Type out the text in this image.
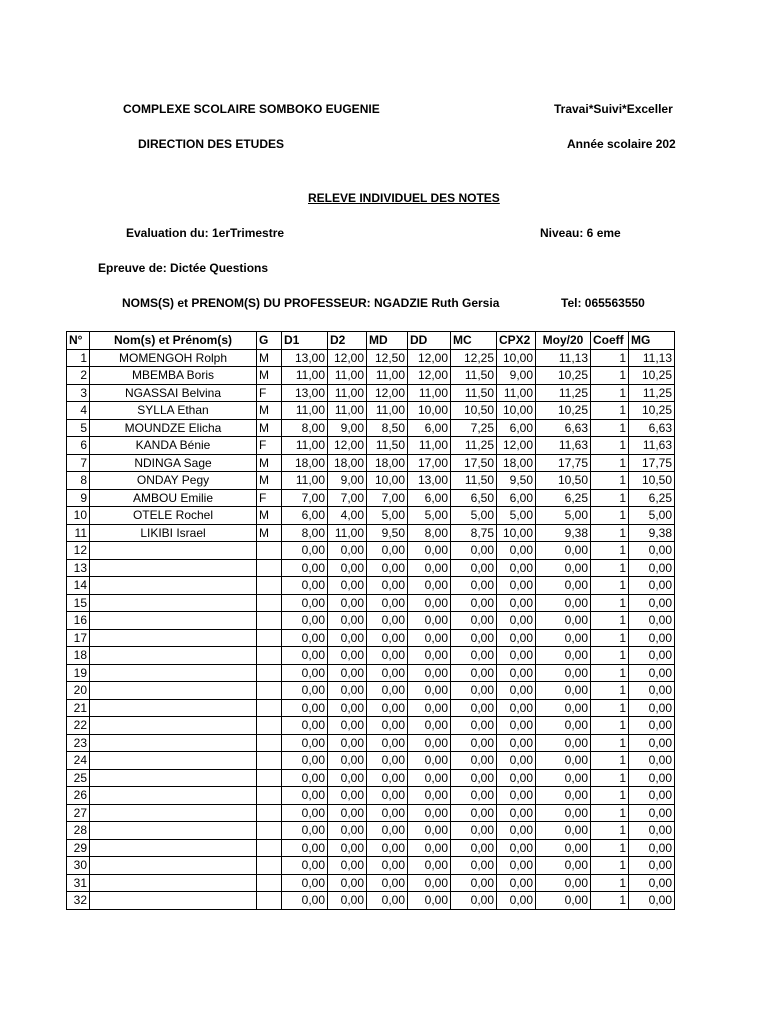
COMPLEXE SCOLAIRE SOMBOKO EUGENIE	Travai*Suivi*Exceller
DIRECTION DES ETUDES	Année scolaire 202
RELEVE INDIVIDUEL DES NOTES
Evaluation du: 1erTrimestre	Niveau: 6 eme
Epreuve de: Dictée Questions
NOMS(S) et PRENOM(S) DU PROFESSEUR: NGADZIE Ruth Gersia	Tel: 065563550
N°	Nom(s) et Prénom(s)	G	D1	D2	MD	DD	MC	CPX2	Moy/20	Coeff	MG
1	MOMENGOH Rolph	M	13,00	12,00	12,50	12,00	12,25	10,00	11,13	1	11,13
2	MBEMBA Boris	M	11,00	11,00	11,00	12,00	11,50	9,00	10,25	1	10,25
3	NGASSAI Belvina	F	13,00	11,00	12,00	11,00	11,50	11,00	11,25	1	11,25
4	SYLLA Ethan	M	11,00	11,00	11,00	10,00	10,50	10,00	10,25	1	10,25
5	MOUNDZE Elicha	M	8,00	9,00	8,50	6,00	7,25	6,00	6,63	1	6,63
6	KANDA Bénie	F	11,00	12,00	11,50	11,00	11,25	12,00	11,63	1	11,63
7	NDINGA Sage	M	18,00	18,00	18,00	17,00	17,50	18,00	17,75	1	17,75
8	ONDAY Pegy	M	11,00	9,00	10,00	13,00	11,50	9,50	10,50	1	10,50
9	AMBOU Emilie	F	7,00	7,00	7,00	6,00	6,50	6,00	6,25	1	6,25
10	OTELE Rochel	M	6,00	4,00	5,00	5,00	5,00	5,00	5,00	1	5,00
11	LIKIBI Israel	M	8,00	11,00	9,50	8,00	8,75	10,00	9,38	1	9,38
12			0,00	0,00	0,00	0,00	0,00	0,00	0,00	1	0,00
13			0,00	0,00	0,00	0,00	0,00	0,00	0,00	1	0,00
14			0,00	0,00	0,00	0,00	0,00	0,00	0,00	1	0,00
15			0,00	0,00	0,00	0,00	0,00	0,00	0,00	1	0,00
16			0,00	0,00	0,00	0,00	0,00	0,00	0,00	1	0,00
17			0,00	0,00	0,00	0,00	0,00	0,00	0,00	1	0,00
18			0,00	0,00	0,00	0,00	0,00	0,00	0,00	1	0,00
19			0,00	0,00	0,00	0,00	0,00	0,00	0,00	1	0,00
20			0,00	0,00	0,00	0,00	0,00	0,00	0,00	1	0,00
21			0,00	0,00	0,00	0,00	0,00	0,00	0,00	1	0,00
22			0,00	0,00	0,00	0,00	0,00	0,00	0,00	1	0,00
23			0,00	0,00	0,00	0,00	0,00	0,00	0,00	1	0,00
24			0,00	0,00	0,00	0,00	0,00	0,00	0,00	1	0,00
25			0,00	0,00	0,00	0,00	0,00	0,00	0,00	1	0,00
26			0,00	0,00	0,00	0,00	0,00	0,00	0,00	1	0,00
27			0,00	0,00	0,00	0,00	0,00	0,00	0,00	1	0,00
28			0,00	0,00	0,00	0,00	0,00	0,00	0,00	1	0,00
29			0,00	0,00	0,00	0,00	0,00	0,00	0,00	1	0,00
30			0,00	0,00	0,00	0,00	0,00	0,00	0,00	1	0,00
31			0,00	0,00	0,00	0,00	0,00	0,00	0,00	1	0,00
32			0,00	0,00	0,00	0,00	0,00	0,00	0,00	1	0,00
